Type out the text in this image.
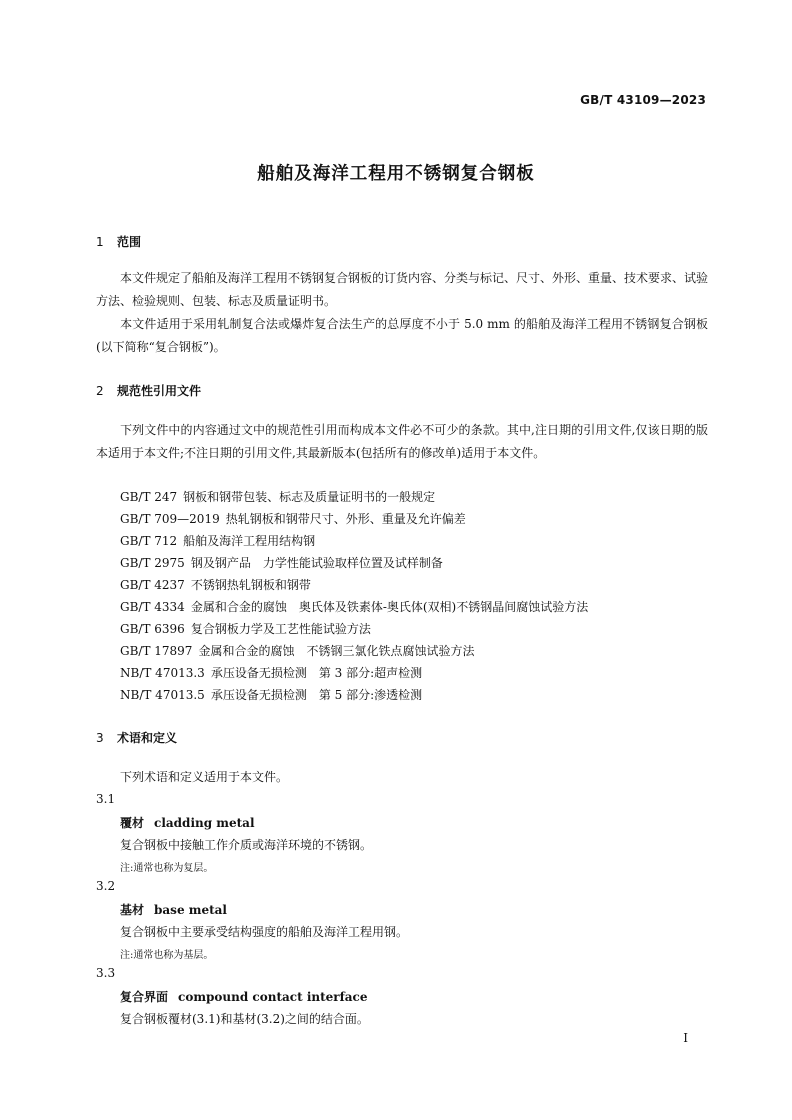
GB/T 43109—2023
船舶及海洋工程用不锈钢复合钢板
1 范围
本文件规定了船舶及海洋工程用不锈钢复合钢板的订货内容、分类与标记、尺寸、外形、重量、技术要求、试验方法、检验规则、包装、标志及质量证明书。
本文件适用于采用轧制复合法或爆炸复合法生产的总厚度不小于 5.0 mm 的船舶及海洋工程用不锈钢复合钢板(以下简称“复合钢板”)。
2 规范性引用文件
下列文件中的内容通过文中的规范性引用而构成本文件必不可少的条款。其中,注日期的引用文件,仅该日期的版本适用于本文件;不注日期的引用文件,其最新版本(包括所有的修改单)适用于本文件。
GB/T 247 钢板和钢带包装、标志及质量证明书的一般规定
GB/T 709—2019 热轧钢板和钢带尺寸、外形、重量及允许偏差
GB/T 712 船舶及海洋工程用结构钢
GB/T 2975 钢及钢产品　力学性能试验取样位置及试样制备
GB/T 4237 不锈钢热轧钢板和钢带
GB/T 4334 金属和合金的腐蚀　奥氏体及铁素体-奥氏体(双相)不锈钢晶间腐蚀试验方法
GB/T 6396 复合钢板力学及工艺性能试验方法
GB/T 17897 金属和合金的腐蚀　不锈钢三氯化铁点腐蚀试验方法
NB/T 47013.3 承压设备无损检测　第 3 部分:超声检测
NB/T 47013.5 承压设备无损检测　第 5 部分:渗透检测
3 术语和定义
下列术语和定义适用于本文件。
3.1
覆材 cladding metal
复合钢板中接触工作介质或海洋环境的不锈钢。
注:通常也称为复层。
3.2
基材 base metal
复合钢板中主要承受结构强度的船舶及海洋工程用钢。
注:通常也称为基层。
3.3
复合界面 compound contact interface
复合钢板覆材(3.1)和基材(3.2)之间的结合面。
I
